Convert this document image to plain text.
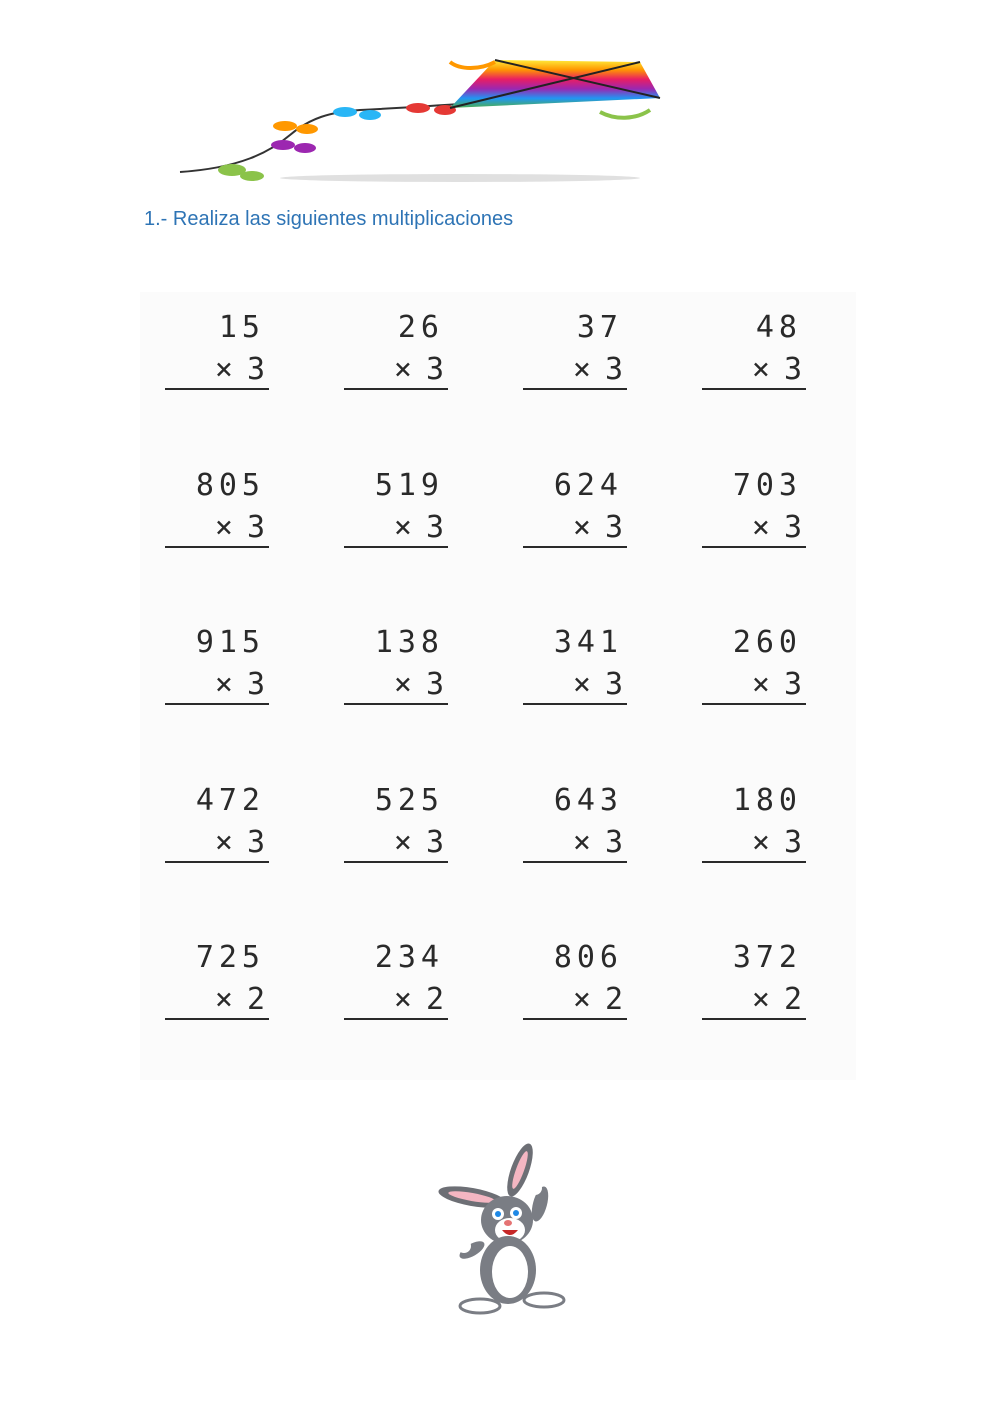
1.- Realiza las siguientes multiplicaciones
15
× 3
26
× 3
37
× 3
48
× 3
805
× 3
519
× 3
624
× 3
703
× 3
915
× 3
138
× 3
341
× 3
260
× 3
472
× 3
525
× 3
643
× 3
180
× 3
725
× 2
234
× 2
806
× 2
372
× 2
